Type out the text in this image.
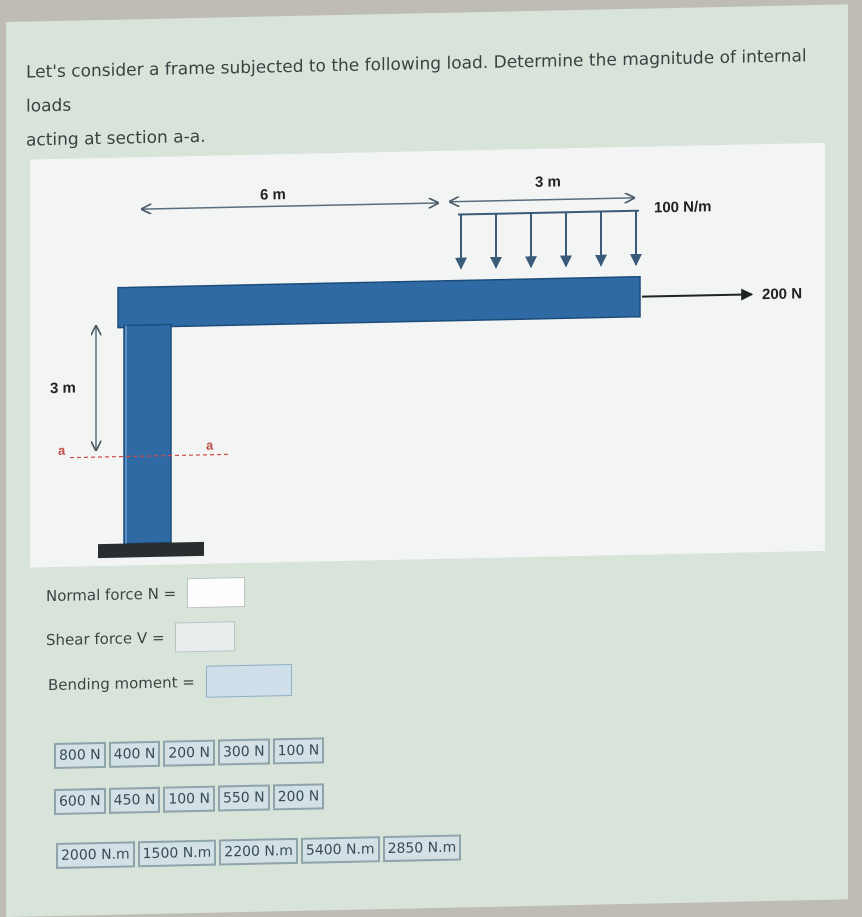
Let's consider a frame subjected to the following load. Determine the magnitude of internal loads
acting at section a-a.
6 m
3 m
100 N/m
200 N
3 m
a	a
Normal force N =
Shear force V =
Bending moment =
800 N 400 N 200 N 300 N 100 N
600 N 450 N 100 N 550 N 200 N
2000 N.m 1500 N.m 2200 N.m 5400 N.m 2850 N.m
